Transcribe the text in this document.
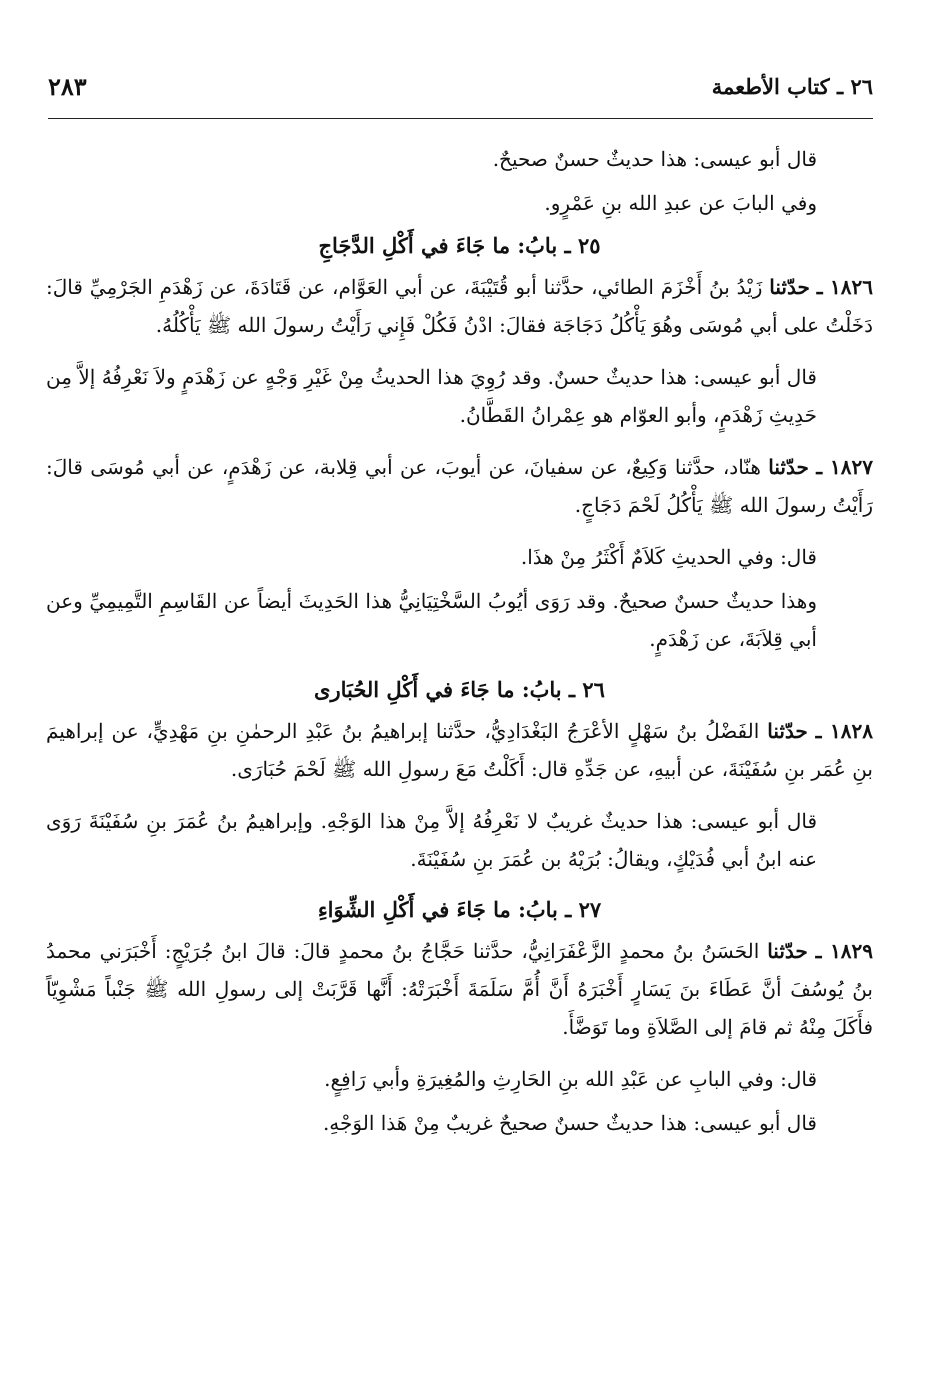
٢٦ ـ كتاب الأطعمة
٢٨٣

قال أبو عيسى: هذا حديثٌ حسنٌ صحيحٌ.

وفي البابَ عن عبدِ الله بنِ عَمْرٍو.

٢٥ ـ بابُ: ما جَاءَ في أَكْلِ الدَّجَاجِ

١٨٢٦ ـ حدّثنا زَيْدُ بنُ أَخْزَمَ الطائي، حدَّثنا أبو قُتَيْبَةَ، عن أبي العَوَّام، عن قَتَادَةَ، عن زَهْدَمِ الجَرْمِيِّ قالَ: دَخَلْتُ على أبي مُوسَى وهُوَ يَأْكُلُ دَجَاجَة فقالَ: ادْنُ فَكُلْ فَإِني رَأَيْتُ رسولَ الله ﷺ يَأْكُلُهُ.

قال أبو عيسى: هذا حديثٌ حسنٌ. وقد رُوِيَ هذا الحديثُ مِنْ غَيْرِ وَجْهٍ عن زَهْدَمٍ ولاَ نَعْرِفُهُ إلاَّ مِن حَدِيثِ زَهْدَمٍ، وأبو العوّام هو عِمْرانُ القَطَّانُ.

١٨٢٧ ـ حدّثنا هنّاد، حدَّثنا وَكِيعٌ، عن سفيانَ، عن أيوبَ، عن أبي قِلابة، عن زَهْدَمٍ، عن أبي مُوسَى قالَ: رَأَيْتُ رسولَ الله ﷺ يَأْكُلُ لَحْمَ دَجَاجٍ.

قال: وفي الحديثِ كَلاَمٌ أَكْثَرُ مِنْ هذَا.

وهذا حديثٌ حسنٌ صحيحٌ. وقد رَوَى أيُوبُ السَّخْتِيَانِيُّ هذا الحَدِيثَ أيضاً عن القَاسِمِ التَّمِيمِيِّ وعن أبي قِلاَبَةَ، عن زَهْدَمٍ.

٢٦ ـ بابُ: ما جَاءَ في أَكْلِ الحُبَارى

١٨٢٨ ـ حدّثنا الفَضْلُ بنُ سَهْلٍ الأعْرَجُ البَغْدَادِيُّ، حدَّثنا إبراهيمُ بنُ عَبْدِ الرحمٰنِ بنِ مَهْدِيٍّ، عن إبراهيمَ بنِ عُمَر بنِ سُفَيْنَةَ، عن أبيهِ، عن جَدِّهِ قال: أَكَلْتُ مَعَ رسولِ الله ﷺ لَحْمَ حُبَارَى.

قال أبو عيسى: هذا حديثٌ غريبٌ لا نَعْرِفُهُ إلاَّ مِنْ هذا الوَجْهِ. وإبراهيمُ بنُ عُمَرَ بنِ سُفَيْنَةَ رَوَى عنه ابنُ أبي فُدَيْكٍ، ويقالُ: بُرَيْهُ بن عُمَرَ بنِ سُفَيْنَةَ.

٢٧ ـ بابُ: ما جَاءَ في أَكْلِ الشِّوَاءِ

١٨٢٩ ـ حدّثنا الحَسَنُ بنُ محمدٍ الزَّعْفَرَانِيُّ، حدَّثنا حَجَّاجُ بنُ محمدٍ قالَ: قالَ ابنُ جُرَيْجٍ: أَخْبَرَني محمدُ بنُ يُوسُفَ أنَّ عَطَاءَ بنَ يَسَارٍ أَخْبَرَهُ أَنَّ أُمَّ سَلَمَةَ أَخْبَرَتْهُ: أَنَّها قَرَّبَتْ إلى رسولِ الله ﷺ جَنْباً مَشْوِيّاً فأَكَلَ مِنْهُ ثم قامَ إلى الصَّلاَةِ وما تَوَضَّأَ.

قال: وفي البابِ عن عَبْدِ الله بنِ الحَارِثِ والمُغِيرَةِ وأبي رَافِعٍ.

قال أبو عيسى: هذا حديثٌ حسنٌ صحيحٌ غريبٌ مِنْ هَذا الوَجْهِ.
